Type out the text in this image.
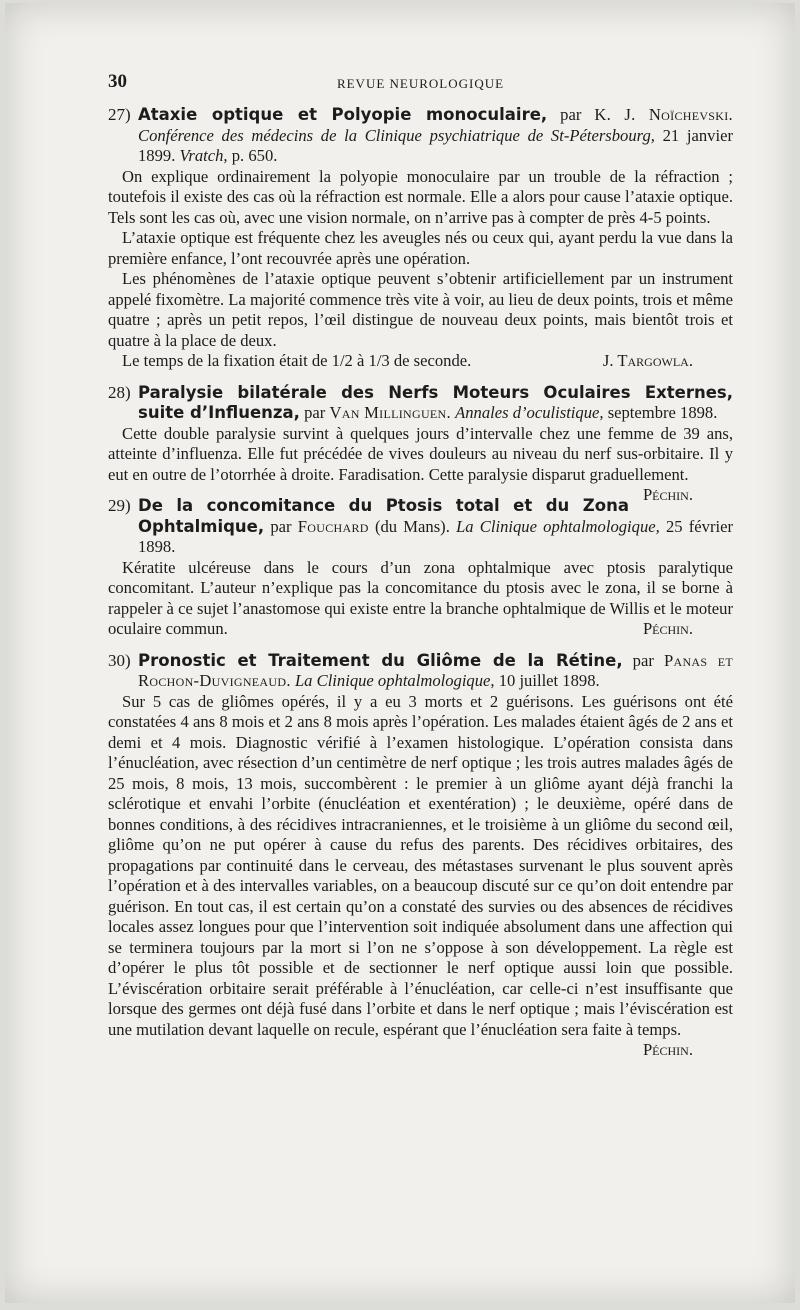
30	REVUE NEUROLOGIQUE
27) Ataxie optique et Polyopie monoculaire, par K. J. Noïchevski. Conférence des médecins de la Clinique psychiatrique de St-Pétersbourg, 21 janvier 1899. Vratch, p. 650.

On explique ordinairement la polyopie monoculaire par un trouble de la réfraction ; toutefois il existe des cas où la réfraction est normale. Elle a alors pour cause l’ataxie optique. Tels sont les cas où, avec une vision normale, on n’arrive pas à compter de près 4-5 points.

L’ataxie optique est fréquente chez les aveugles nés ou ceux qui, ayant perdu la vue dans la première enfance, l’ont recouvrée après une opération.

Les phénomènes de l’ataxie optique peuvent s’obtenir artificiellement par un instrument appelé fixomètre. La majorité commence très vite à voir, au lieu de deux points, trois et même quatre ; après un petit repos, l’œil distingue de nouveau deux points, mais bientôt trois et quatre à la place de deux.

Le temps de la fixation était de 1/2 à 1/3 de seconde.	J. Targowla.

28) Paralysie bilatérale des Nerfs Moteurs Oculaires Externes, suite d’Influenza, par Van Millinguen. Annales d’oculistique, septembre 1898.

Cette double paralysie survint à quelques jours d’intervalle chez une femme de 39 ans, atteinte d’influenza. Elle fut précédée de vives douleurs au niveau du nerf sus-orbitaire. Il y eut en outre de l’otorrhée à droite. Faradisation. Cette paralysie disparut graduellement.
Péchin.

29) De la concomitance du Ptosis total et du Zona Ophtalmique, par Fouchard (du Mans). La Clinique ophtalmologique, 25 février 1898.

Kératite ulcéreuse dans le cours d’un zona ophtalmique avec ptosis paralytique concomitant. L’auteur n’explique pas la concomitance du ptosis avec le zona, il se borne à rappeler à ce sujet l’anastomose qui existe entre la branche ophtalmique de Willis et le moteur oculaire commun.	Péchin.

30) Pronostic et Traitement du Gliôme de la Rétine, par Panas et Rochon-Duvigneaud. La Clinique ophtalmologique, 10 juillet 1898.

Sur 5 cas de gliômes opérés, il y a eu 3 morts et 2 guérisons. Les guérisons ont été constatées 4 ans 8 mois et 2 ans 8 mois après l’opération. Les malades étaient âgés de 2 ans et demi et 4 mois. Diagnostic vérifié à l’examen histologique. L’opération consista dans l’énucléation, avec résection d’un centimètre de nerf optique ; les trois autres malades âgés de 25 mois, 8 mois, 13 mois, succombèrent : le premier à un gliôme ayant déjà franchi la sclérotique et envahi l’orbite (énucléation et exentération) ; le deuxième, opéré dans de bonnes conditions, à des récidives intracraniennes, et le troisième à un gliôme du second œil, gliôme qu’on ne put opérer à cause du refus des parents. Des récidives orbitaires, des propagations par continuité dans le cerveau, des métastases survenant le plus souvent après l’opération et à des intervalles variables, on a beaucoup discuté sur ce qu’on doit entendre par guérison. En tout cas, il est certain qu’on a constaté des survies ou des absences de récidives locales assez longues pour que l’intervention soit indiquée absolument dans une affection qui se terminera toujours par la mort si l’on ne s’oppose à son développement. La règle est d’opérer le plus tôt possible et de sectionner le nerf optique aussi loin que possible. L’éviscération orbitaire serait préférable à l’énucléation, car celle-ci n’est insuffisante que lorsque des germes ont déjà fusé dans l’orbite et dans le nerf optique ; mais l’éviscération est une mutilation devant laquelle on recule, espérant que l’énucléation sera faite à temps.
Péchin.
